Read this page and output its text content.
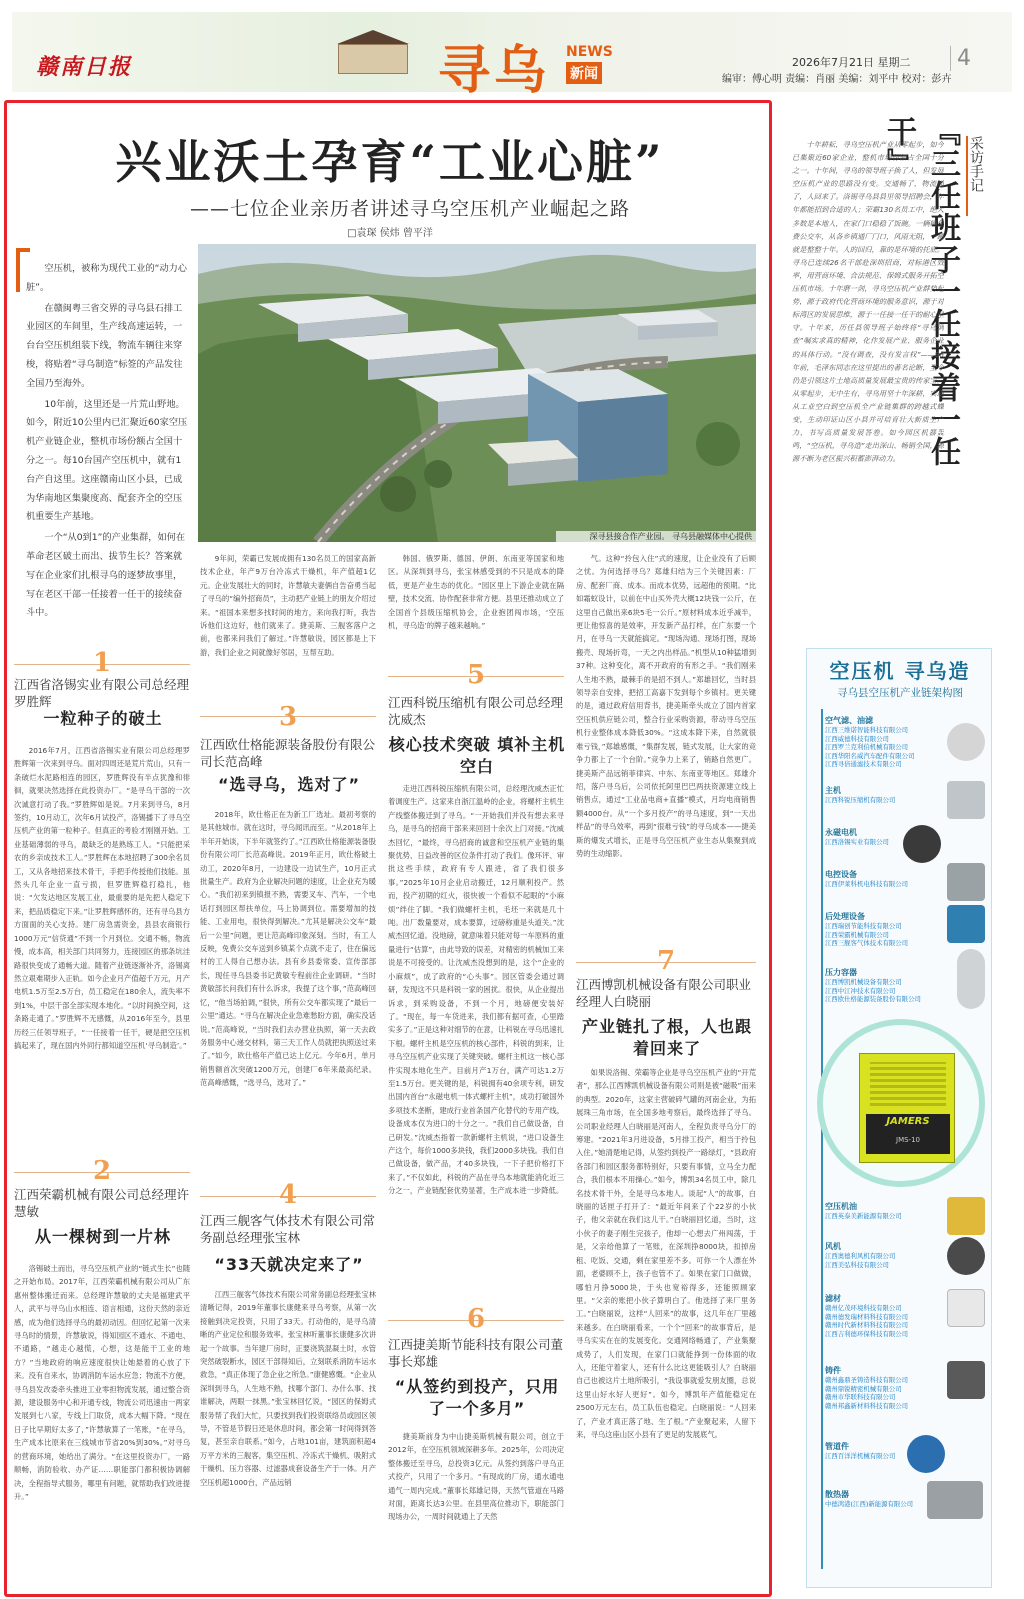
赣南日报	寻乌 NEWS
新闻
2026年7月21日 星期二
编审：傅心明 责编：肖丽 美编：刘平中 校对：彭卉
4
兴业沃土孕育“工业心脏”
——七位企业亲历者讲述寻乌空压机产业崛起之路
□袁琛 侯炜 曾平洋
深寻县接合作产业园。 寻乌县融媒体中心提供

空压机，被称为现代工业的“动力心脏”。

在赣闽粤三省交界的寻乌县石排工业园区的车间里，生产线高速运转，一台台空压机组装下线，物流车辆往来穿梭，将贴着“寻乌制造”标签的产品发往全国乃至海外。

10年前，这里还是一片荒山野地。如今，附近10公里内已汇聚近60家空压机产业链企业，整机市场份额占全国十分之一。每10台国产空压机中，就有1台产自这里。这座赣南山区小县，已成为华南地区集聚度高、配套齐全的空压机重要生产基地。

一个“从0到1”的产业集群，如何在革命老区破土而出、拔节生长？答案就写在企业家们扎根寻乌的逐梦故事里，写在老区干部一任接着一任干的接续奋斗中。

1
江西省洛锡实业有限公司总经理罗胜辉
一粒种子的破土

2016年7月，江西省洛锡实业有限公司总经理罗胜辉第一次来到寻乌。面对四周还是荒片荒山，只有一条破烂水泥路相连的园区，罗胜辉没有半点犹豫和徘徊，就果决然选择在此投资办厂。“是寻乌干部的一次次诚意打动了我。”罗胜辉如是说。7月来到寻乌，8月签约，10月动工，次年6月试投产，洛锡播下了寻乌空压机产业的第一粒种子。但真正的考验才刚刚开始。工业基础薄弱的寻乌，最缺乏的是熟练工人。“只能把采农的乡亲成技术工人。”罗胜辉在本地招聘了300余名员工，又从各地招来技术骨干，手把手传授他们技能。虽然头几年企业一直亏损，但罗胜辉稳打稳扎，他说：“欠发达地区发展工业，最重要的是先把人稳定下来，把品质稳定下来。”让罗胜辉感怀的，还有寻乌县方方面面的关心支持。建厂房急需资金，县县农商银行1000万元“信贷通”不到一个月到位。交通不畅，物流慢，成本高，相关部门共同努力，连接园区的那条坑洼路很快变成了通畅大道。随着产业链逐渐补齐，洛锡离然立艰难期步入正轨。如今企业月产值超千万元，月产电机1.5万至2.5万台，员工稳定在180余人，流失率不到1%，中层干部全部实现本地化。“以时间换空间，这条路走通了。”罗胜辉不无感慨，从2016年至今，县里历经三任领导班子，“一任接着一任干，硬是把空压机搞起来了，现在国内外同行都知道空压机‘寻乌制造’。”

2
江西荣霸机械有限公司总经理许慧敏
从一棵树到一片林

洛锡破土而出，寻乌空压机产业的“链式生长”也随之开始布局。2017年，江西荣霸机械有限公司从广东惠州整体搬迁而来。总经理许慧敏的丈夫是福建武平人，武平与寻乌山水相连、语言相通，这份天然的亲近感，成为他们选择寻乌的最初动因。但回忆起第一次来寻乌时的情景，许慧敏说，得知园区不通水、不通电、不通路，“越走心越慌，心想，这是能干工业的地方？”当地政府的响应速度很快让她悬着的心放了下来。没有自来水，协调消防车运水应急；物流不方便，寻乌县发改委牵头推进工业零担物流发展，通过整合资源，建设服务中心和开通专线，物流公司迅速由一两家发展到七八家，专线上门取货，成本大幅下降。“现在日子比早期好太多了，”许慧敏算了一笔账，“在寻乌，生产成本比原来在三线城市节省20%到30%。”对寻乌的营商环境，她给出了满分。“在这里投资办厂，一路顺畅，消防验收、办产证……职能部门都积极协调解决，全程指导式服务，哪里有问题，就帮助我们改进提升。”

9年间，荣霸已发展成拥有130名员工的国家高新技术企业，年产9万台冷冻式干燥机，年产值超1亿元。企业发展壮大的同时，许慧敏夫妻俩自告奋勇当起了寻乌的“编外招商员”，主动把产业链上的朋友介绍过来。“祖国本来想多找时间的地方，来向我打听，我告诉他们这边好，他们就来了。捷美斯、三舰客落户之前，也都来问我们了解过。”许慧敏说，园区都是上下游，我们企业之间就像好邻居，互帮互助。

3
江西欧仕格能源装备股份有限公司长范高峰
“选寻乌，选对了”

2018年，欧仕格正在为新工厂选址。最初考察的是其他城市。就在这时，寻乌闻讯而至。“从2018年上半年开始谈，下半年就签约了。”江西欧仕格能源装备股份有限公司厂长范高峰说。2019年正月，欧仕格破土动工，2020年8月，一边建设一边试生产，10月正式批量生产。政府为企业解决问题的速度，让企业充为暖心。“我们初来到镇报不熟，需要叉车、汽车，一个电话打到园区帮扶单位，马上协调到位。需要增加的技能、工业用电，很快得到解决。”尤其是解决公交车“最后一公里”问题，更让范高峰印象深刻。当时，有工人反映，免费公交车送到乡镇某个点就不走了，住在偏远村的工人得自己想办法。县有乡县委常委、宣传部部长，现任寻乌县委书记黄敏专程前往企业调研。“当时黄敏部长问我们有什么诉求，我提了这个事，”范高峰回忆，“他当场拍调，”很快，所有公交车都实现了“最后一公里”通达。“寻乌在解决企业急难愁盼方面，确实没话说。”范高峰说，“当时我们去办营业执照，第一天去政务服务中心递交材料，第三天工作人员就把执照送过来了。”如今，欧仕格年产值已达上亿元。今年6月，单月销售额首次突破1200万元，创建厂6年来最高纪录。范高峰感慨，“选寻乌，选对了。”

4
江西三舰客气体技术有限公司常务副总经理张宝林
“33天就决定来了”

江西三舰客气体技术有限公司常务副总经理张宝林清晰记得，2019年董事长康健来寻乌考察，从第一次接触到决定投资，只用了33天。打动他的，是寻乌清晰的产业定位和服务效率。张宝林听董事长康健多次讲起一个故事。当年建厂房时，正要浇筑混凝土时，水管突然破裂断水，园区干部得知后，立刻联系消防车运水救急，“真正体现了急企业之所急。”康健感慨。“企业从深圳到寻乌，人生地不熟，找哪个部门、办什么事、找谁解决，两眼一抹黑。”张宝林回忆说，“园区的保姆式服务帮了我们大忙，只要找到我们投资联络员或园区领导，不管是节假日还是休息时间，都会第一时间得到答复，甚至亲自联系。”如今，占地101亩，建筑面积超4万平方米的三舰客，集空压机、冷冻式干燥机、吸附式干燥机、压力容器、过滤器成套设备生产于一体。月产空压机超1000台，产品远销

韩国、俄罗斯、德国、伊朗、东南亚等国家和地区。从深圳到寻乌，张宝林感受到的不只是成本的降低，更是产业生态的优化。“园区里上下游企业就在隔壁，技术交流、协作配套非常方便。县里还推动成立了全国首个县级压缩机协会，企业抱团闯市场，‘空压机，寻乌造’的牌子越来越响。”

5
江西科锐压缩机有限公司总经理沈威杰
核心技术突破 填补主机空白

走进江西科锐压缩机有限公司，总经理沈威杰正忙着调度生产。这家来自浙江温岭的企业，将螺杆主机生产线整体搬迁到了寻乌。“一开始我们并没有想去来寻乌，是寻乌的招商干部来来回回十余次上门对接。”沈威杰回忆，“最终，寻乌招商的诚意和空压机产业链的集聚优势、日益改善的区位条件打动了我们。像环评、审批这些手续，政府有专人跟进，省了我们很多事。”2025年10月企业启动搬迁，12月顺利投产。然而，投产初期的红火，很快被一个看似不起眼的“小麻烦”绊住了脚。“我们做螺杆主机，毛坯一来就是几十吨。出厂数量要对，成本要算，过磅称重是头道关。”沈威杰回忆道。没地磅，就意味着只能对每一车原料的重量进行“估算”，由此导致的误差，对精密的机械加工来说是不可接受的。让沈威杰没想到的是，这个“企业的小麻烦”，成了政府的“心头事”。园区管委会通过调研，发现这不只是科锐一家的困扰。很快，从企业提出诉求，到采购设备，不到一个月，地磅便安装好了。“现在，每一车货进来，我们都有据可查，心里踏实多了。”正是这种对细节的在意，让科锐在寻乌迅速扎下根。螺杆主机是空压机的核心部件，科锐的到来，让寻乌空压机产业实现了关键突破。螺杆主机这一核心部件实现本地化生产。目前月产1万台，满产可达1.2万至1.5万台。更关键的是，科锐拥有40余项专利，研发出国内首台“永磁电机一体式螺杆主机”，成功打破国外多项技术垄断，建成行业首条国产化替代的专用产线，设备成本仅为进口的十分之一。“我们自己做设备，自己研发。”沈威杰指着一款新螺杆主机说，“进口设备生产这个，每价1000多块钱，我们2000多块钱。我们自己做设备，做产品，才40多块钱，一下子把价格打下来了。”不仅如此，科锐的产品在寻乌本地就能消化近三分之一，产业链配套优势显著，生产成本进一步降低。

6
江西捷美斯节能科技有限公司董事长郑雄
“从签约到投产，只用了一个多月”

捷美斯前身为中山捷美斯机械有限公司，创立于2012年，在空压机领域深耕多年。2025年，公司决定整体搬迁至寻乌，总投资3亿元。从签约到落户寻乌正式投产，只用了一个多月。“有现成的厂房，通水通电通气一周内完成。”董事长郑雄记得，天然气管道在马路对面，距离长达3公里。在县里高位推动下，职能部门现场办公，一周时间就通上了天然

气。这种“拎包入住”式的速度，让企业没有了后顾之忧。为何选择寻乌？郑雄归结为三个关键因素：厂房、配套厂商、成本。而成本优势，远超他的预期。“比如霜蚁设计，以前在中山买外壳大概12块钱一公斤，在这里自己做出来6块5毛一公斤。”原材料成本近乎减半，更让他惊喜的是效率，开发新产品打样，在广东要一个月，在寻乌一天就能搞定。“现场沟通、现场打图，现场搬壳、现场折弯，一天之内出样品。”机型从10种猛增到37种。这种变化，离不开政府的有形之手。“我们刚来人生地不熟，最棘手的是招不到人。”郑雄回忆，当时县领导亲自安排，把招工高嘉下发到每个乡镇村。更关键的是，通过政府信用背书，捷美斯牵头成立了国内首家空压机供应链公司，整合行业采购资源，带动寻乌空压机行业整体成本降低30%。“这成本降下来，自然就很难亏钱，”郑雄感慨，“集群发展，链式发展，让大家的竞争力都上了一个台阶。”竞争力上来了，销路自然更广。捷美斯产品远销菲律宾、中东、东南亚等地区。郑雄介绍，落户寻乌后，公司依托阿里巴巴两扶资源建立线上销售点，通过“工业品电商+直播”模式，月均电商销售额4000台。从“一个多月投产”的寻乌速度，到“一天出样品”的寻乌效率，再到“很难亏钱”的寻乌成本——捷美斯的爆发式增长，正是寻乌空压机产业生态从集聚到成势的生动缩影。

7
江西博凯机械设备有限公司职业经理人白晓丽
产业链扎了根，人也跟着回来了

如果说洛锡、荣霸等企业是寻乌空压机产业的“开荒者”，那么江西博凯机械设备有限公司则是被“磁吸”而来的典型。2020年，这家主营破碎气罐的河南企业，为拓展珠三角市场，在全国多地考察后，最终选择了寻乌。公司职业经理人白晓丽是河南人，全程负责寻乌分厂的筹建。“2021年3月进设备，5月排工投产，相当于拎包入住。”她清楚地记得，从签约到投产一路绿灯，“县政府各部门和园区服务都特别好，只要有事情，立马全力配合，我们根本不用操心。”如今，博凯34名员工中，除几名技术骨干外，全是寻乌本地人。谈起“人”的故事，白晓丽的话匣子打开了：“最近年间来了个22岁的小伙子，他父亲就在我们这儿干。”白晓丽回忆道，当时，这小伙子的妻子刚生完孩子，他却一心想去广州闯荡，于是，父亲给他算了一笔账，在深圳挣8000块，扣掉房租、吃饭、交通，剩在家里差不多。可你一个人漂在外面，老婆顾不上，孩子也管不了。如果在家门口做做，哪怕月挣5000块，于头也宽裕得多，还能照顾家里。“父亲的账把小伙子算明白了。他选择了来厂里务工。”白晓丽说，这样“人回来”的故事，这几年在厂里越来越多。在白晓丽看来，一个个“回来”的故事背后，是寻乌实实在在的发展变化。交通网络畅通了，产业集聚成势了，人们发现，在家门口就能挣到一份体面的收入，还能守着家人，还有什么比这更能吸引人？白晓丽自己也被这片土地所吸引，“我设事就爱发朋友圈，总说这里山好水好人更好”。如今，博凯年产值能稳定在2500万元左右，员工队伍也稳定。白晓丽说：“人回来了，产业才真正落了地、生了根。”产业聚起来，人留下来，寻乌这座山区小县有了更足的发展底气。

采访手记
『三任班子一任接着一任干』

十年耕耘，寻乌空压机产业从零起步，如今已集聚近60家企业，整机市场份额占全国十分之一。十年间，寻乌的领导班子换了人，但发展空压机产业的思路没有变。交通畅了，物流通了，人回来了。洛锡寻乌县县里领导招聘会，年年都能招到合适的人；荣霸130名员工中，绝大多数是本地人，在家门口稳稳了饭碗。一辆辆免费公交车，从各乡镇通厂门口，风雨无阻，一趟就是整整十年。人的回归，靠的是环境的托底。寻乌已连续26名干部赴深圳招商，对标港区效率，用营商环境、合法规范、保姆式服务开拓空压机市场。十年磨一剑，寻乌空压机产业群势起势，源于政府代化营商环境的服务意识，源于对标湾区的发展思维，源于一任接一任干的耐心坚守。十年来，历任县领导班子始终将“寻乌调查”嘱实求真的精神，化作发展产业、服务企业的具体行动。“没有调查，没有发言权”——96年前，毛泽东同志在这里提出的著名论断，至今仍是引领这片土地高质量发展最宝贵的传家宝。从零起步，无中生有，寻乌用坚十年深耕，实现从工业空白到空压机全产业链集群的跨越式蝶变，生动印证山区小县并可培育壮大新质生产力，书写高质量发展答卷。如今园区机器轰鸣，“空压机，寻乌造”走出深山、畅销全国，源源不断为老区振兴积蓄澎湃动力。

空压机 寻乌造
寻乌县空压机产业链架构图
空气滤、油滤
江西三维诺智能科技有限公司
江西威德科技有限公司
江西罗兰克利伯机械有限公司
江西华阳名威汽车配件有限公司
江西寻倍通滤技术有限公司
主机
江西科锐压缩机有限公司
永磁电机
江西洛锡实业有限公司
电控设备
江西伊莱科机电科技有限公司
后处理设备
江西瑞创节能科技有限公司
江西荣霸机械有限公司
江西三舰客气体技术有限公司
压力容器
江西博凯机械设备有限公司
江西中江冲技术有限公司
江西欧仕格能源装备股份有限公司
JAMERS
JMS-10
空压机油
江西英泰美新能源有限公司
风机
江西奥德利风机有限公司
江西美弘科技有限公司
滤材
赣州亿茂环境科技有限公司
赣州德发瑞材料科技有限公司
赣州时代新材料科技有限公司
江西吉利德环保科技有限公司
铸件
赣州鑫鼎圣铸造科技有限公司
赣州鼎锐精密机械有限公司
赣州市华联科技有限公司
赣州邦鑫新材料科技有限公司
管道件
江西百洋洋机械有限公司
散热器
中德鸿港(江西)新能源有限公司
